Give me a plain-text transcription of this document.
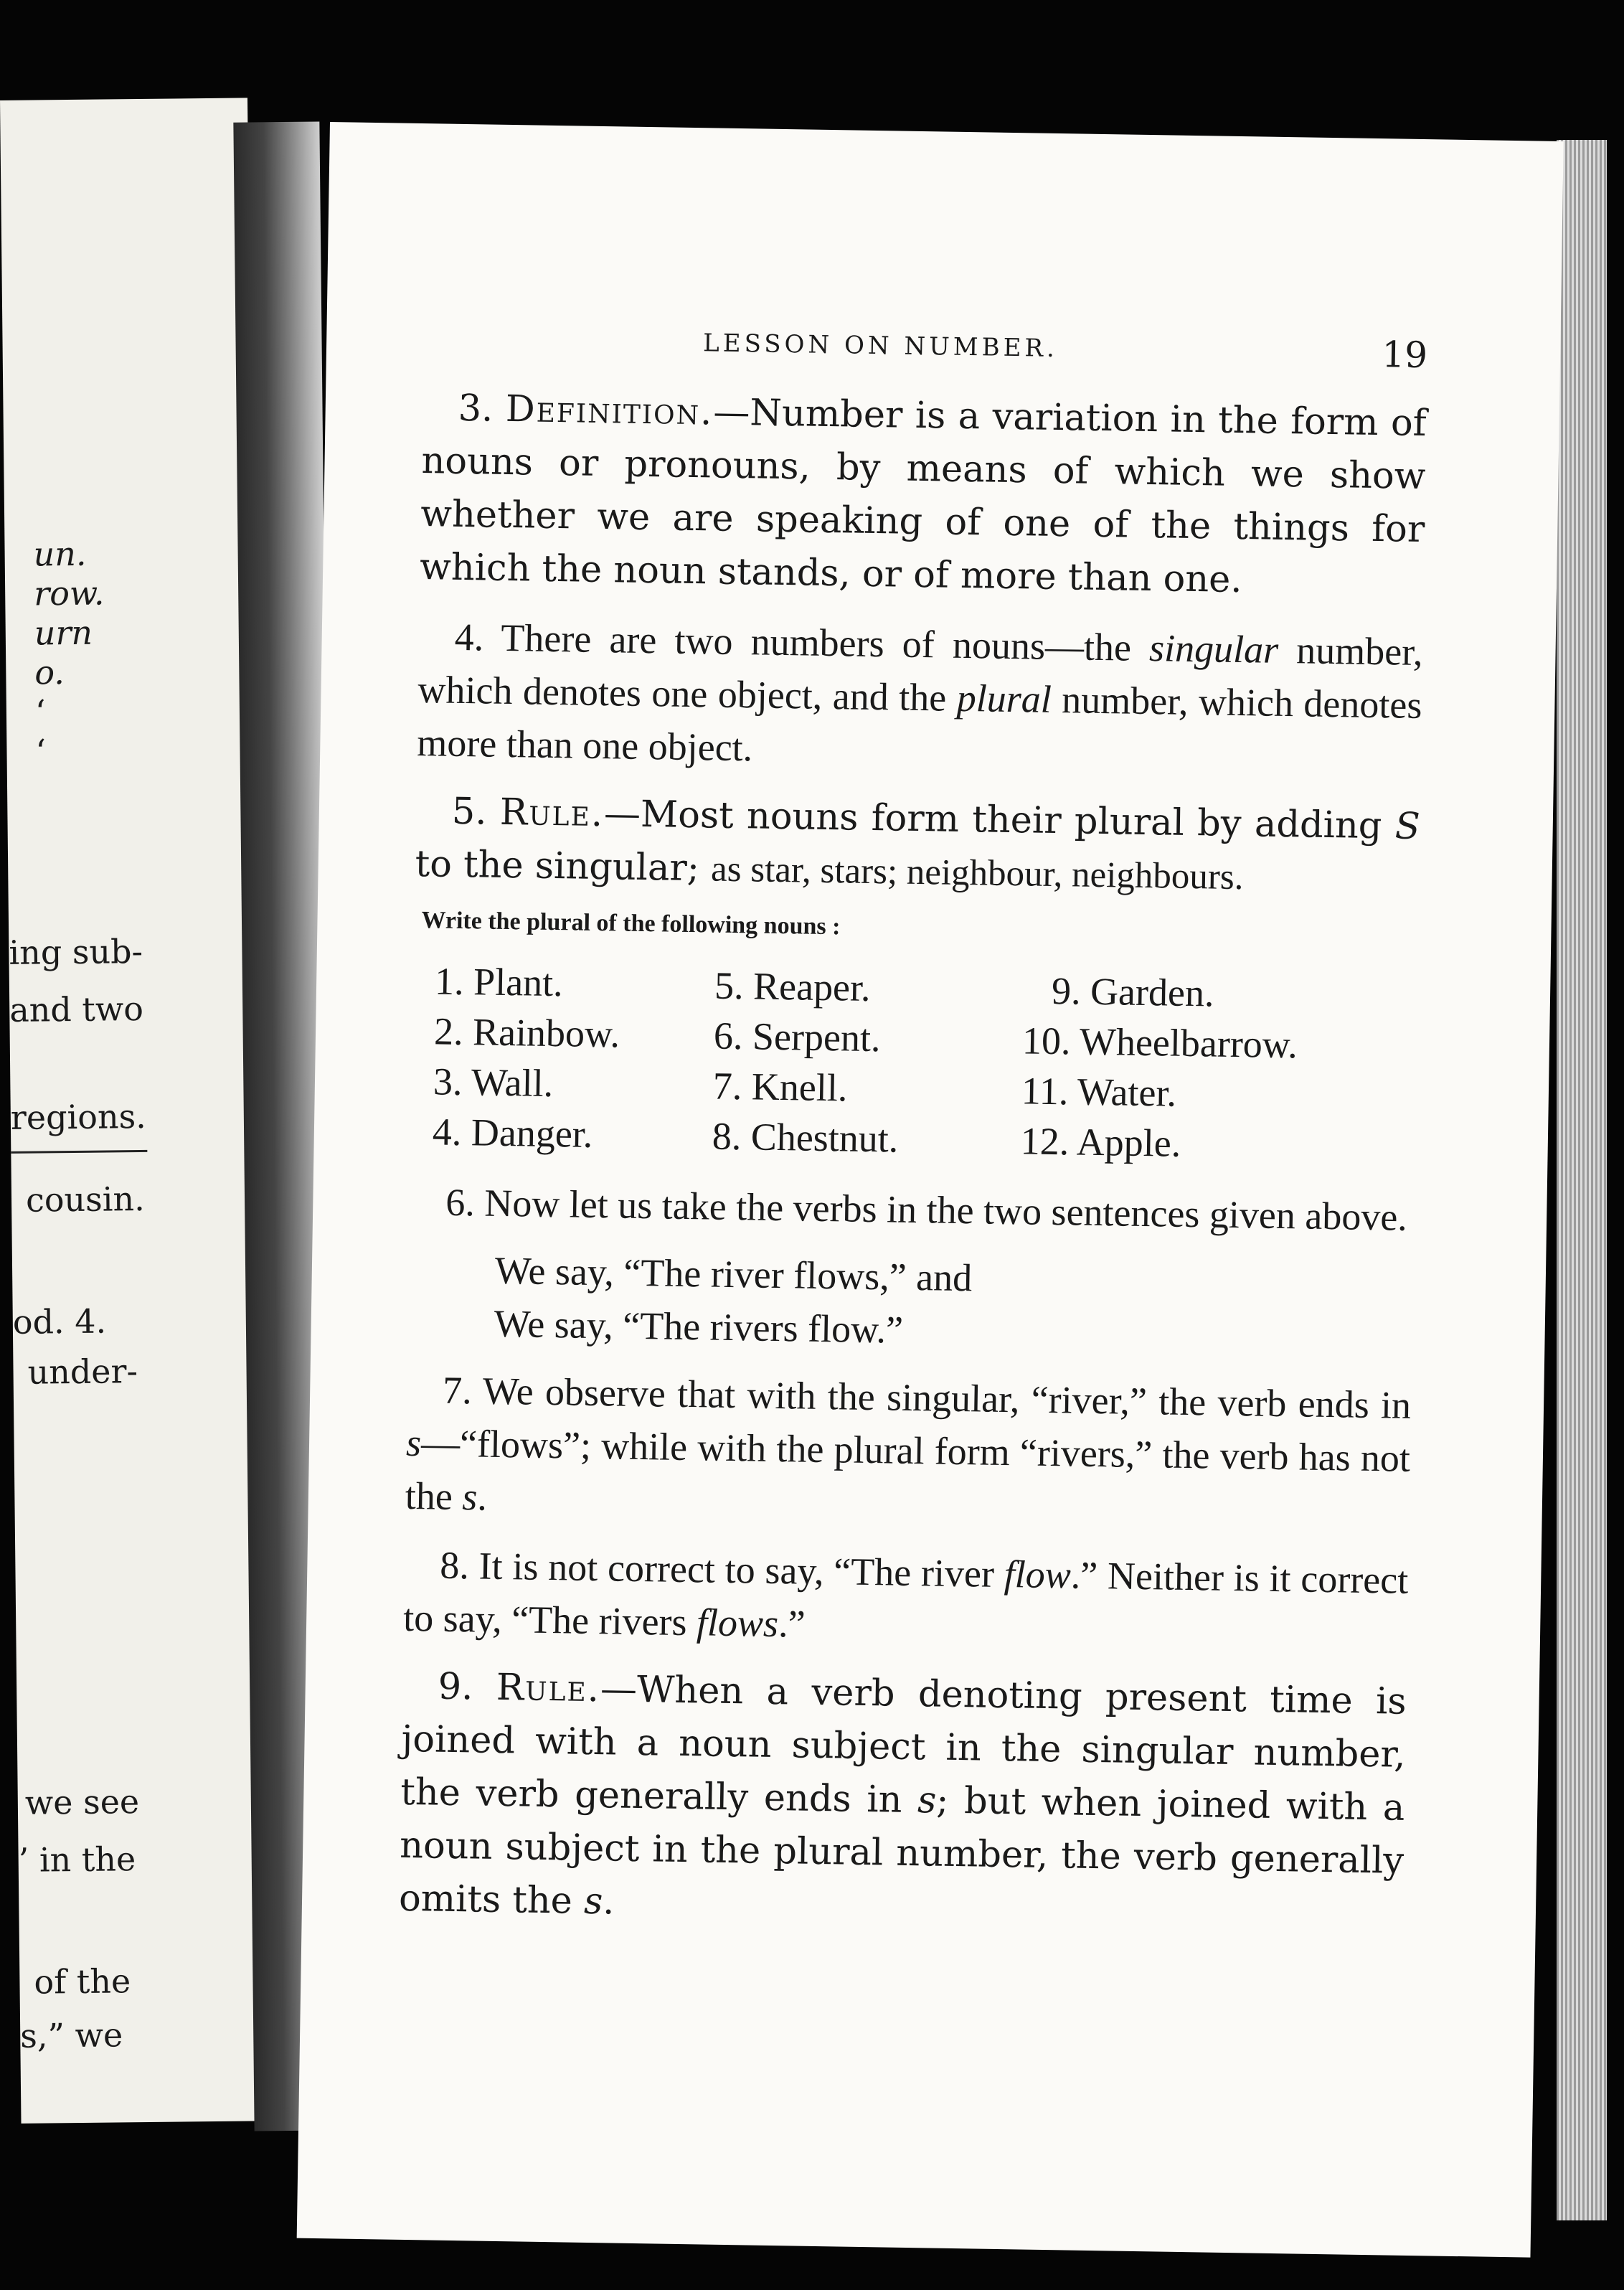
un.
row.
urn
o.
‘
‘
ing sub-
and two
regions.
cousin.
od. 4.
under-
we see
’ in the
of the
s,” we
LESSON ON NUMBER.	19

3. Definition.—Number is a variation in the form of nouns or pronouns, by means of which we show whether we are speaking of one of the things for which the noun stands, or of more than one.

4. There are two numbers of nouns—the singular number, which denotes one object, and the plural number, which denotes more than one object.

5. Rule.—Most nouns form their plural by adding S to the singular; as star, stars; neighbour, neighbours.

Write the plural of the following nouns :
1. Plant.
2. Rainbow.
3. Wall.
4. Danger.
5. Reaper.
6. Serpent.
7. Knell.
8. Chestnut.
9. Garden.
10. Wheelbarrow.
11. Water.
12. Apple.

6. Now let us take the verbs in the two sentences given above.

We say, “The river flows,” and
We say, “The rivers flow.”

7. We observe that with the singular, “river,” the verb ends in s—“flows”; while with the plural form “rivers,” the verb has not the s.

8. It is not correct to say, “The river flow.” Neither is it correct to say, “The rivers flows.”

9. Rule.—When a verb denoting present time is joined with a noun subject in the singular number, the verb generally ends in s; but when joined with a noun subject in the plural number, the verb generally omits the s.
